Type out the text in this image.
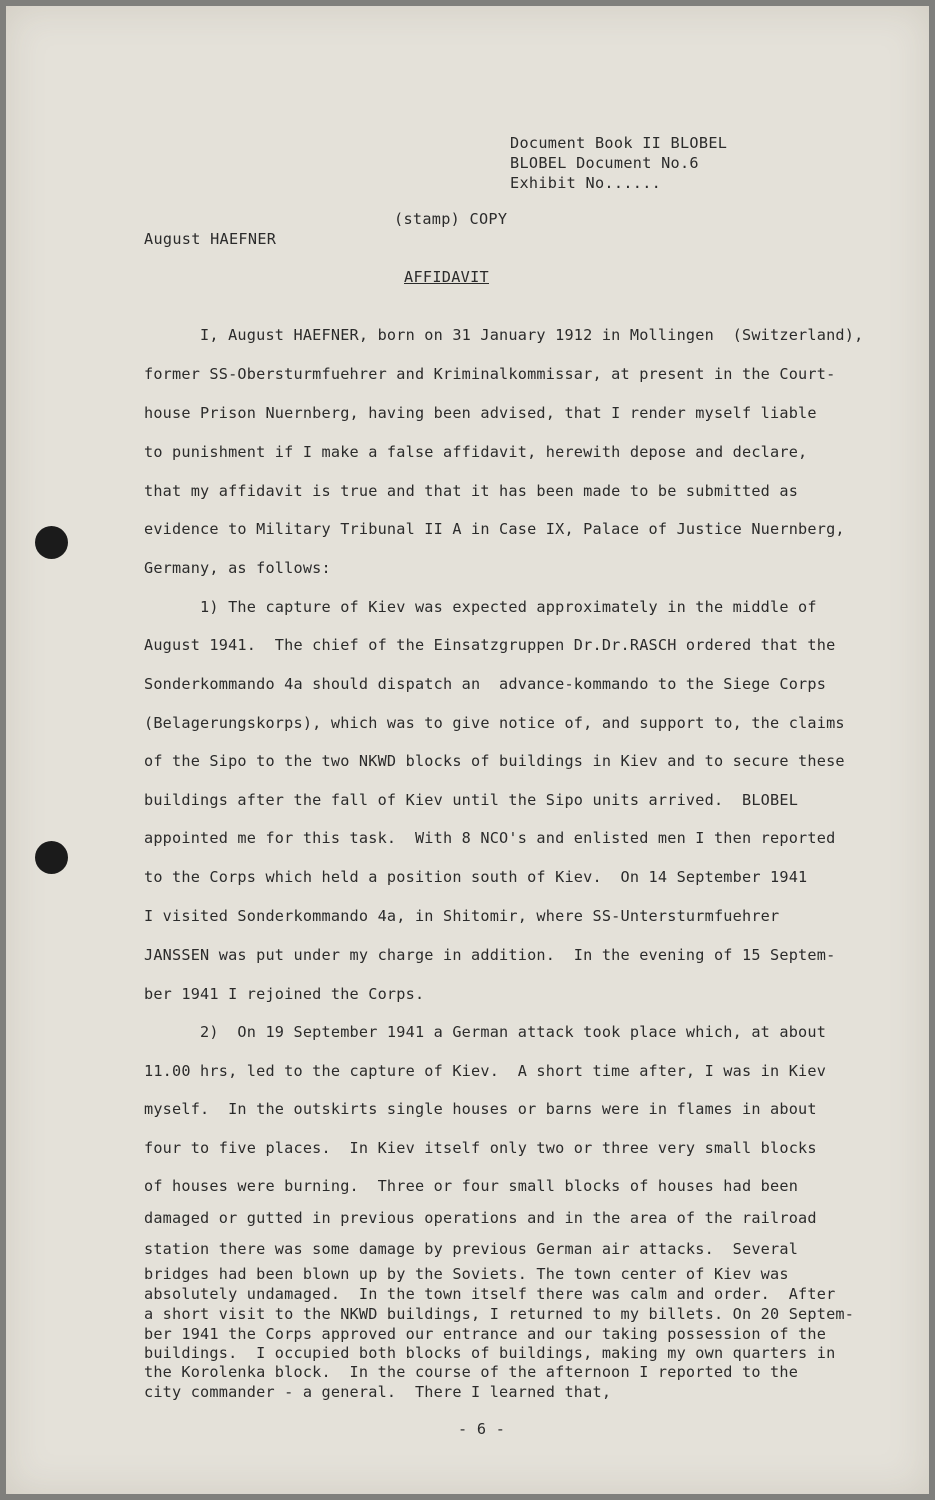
Document Book II BLOBEL
BLOBEL Document No.6
Exhibit No......
(stamp) COPY
August HAEFNER
AFFIDAVIT
I, August HAEFNER, born on 31 January 1912 in Mollingen  (Switzerland),
former SS-Obersturmfuehrer and Kriminalkommissar, at present in the Court-
house Prison Nuernberg, having been advised, that I render myself liable
to punishment if I make a false affidavit, herewith depose and declare,
that my affidavit is true and that it has been made to be submitted as
evidence to Military Tribunal II A in Case IX, Palace of Justice Nuernberg,
Germany, as follows:
1) The capture of Kiev was expected approximately in the middle of
August 1941.  The chief of the Einsatzgruppen Dr.Dr.RASCH ordered that the
Sonderkommando 4a should dispatch an  advance-kommando to the Siege Corps
(Belagerungskorps), which was to give notice of, and support to, the claims
of the Sipo to the two NKWD blocks of buildings in Kiev and to secure these
buildings after the fall of Kiev until the Sipo units arrived.  BLOBEL
appointed me for this task.  With 8 NCO's and enlisted men I then reported
to the Corps which held a position south of Kiev.  On 14 September 1941
I visited Sonderkommando 4a, in Shitomir, where SS-Untersturmfuehrer
JANSSEN was put under my charge in addition.  In the evening of 15 Septem-
ber 1941 I rejoined the Corps.
2)  On 19 September 1941 a German attack took place which, at about
11.00 hrs, led to the capture of Kiev.  A short time after, I was in Kiev
myself.  In the outskirts single houses or barns were in flames in about
four to five places.  In Kiev itself only two or three very small blocks
of houses were burning.  Three or four small blocks of houses had been
damaged or gutted in previous operations and in the area of the railroad
station there was some damage by previous German air attacks.  Several
bridges had been blown up by the Soviets. The town center of Kiev was
absolutely undamaged.  In the town itself there was calm and order.  After
a short visit to the NKWD buildings, I returned to my billets. On 20 Septem-
ber 1941 the Corps approved our entrance and our taking possession of the
buildings.  I occupied both blocks of buildings, making my own quarters in
the Korolenka block.  In the course of the afternoon I reported to the
city commander - a general.  There I learned that,
- 6 -
